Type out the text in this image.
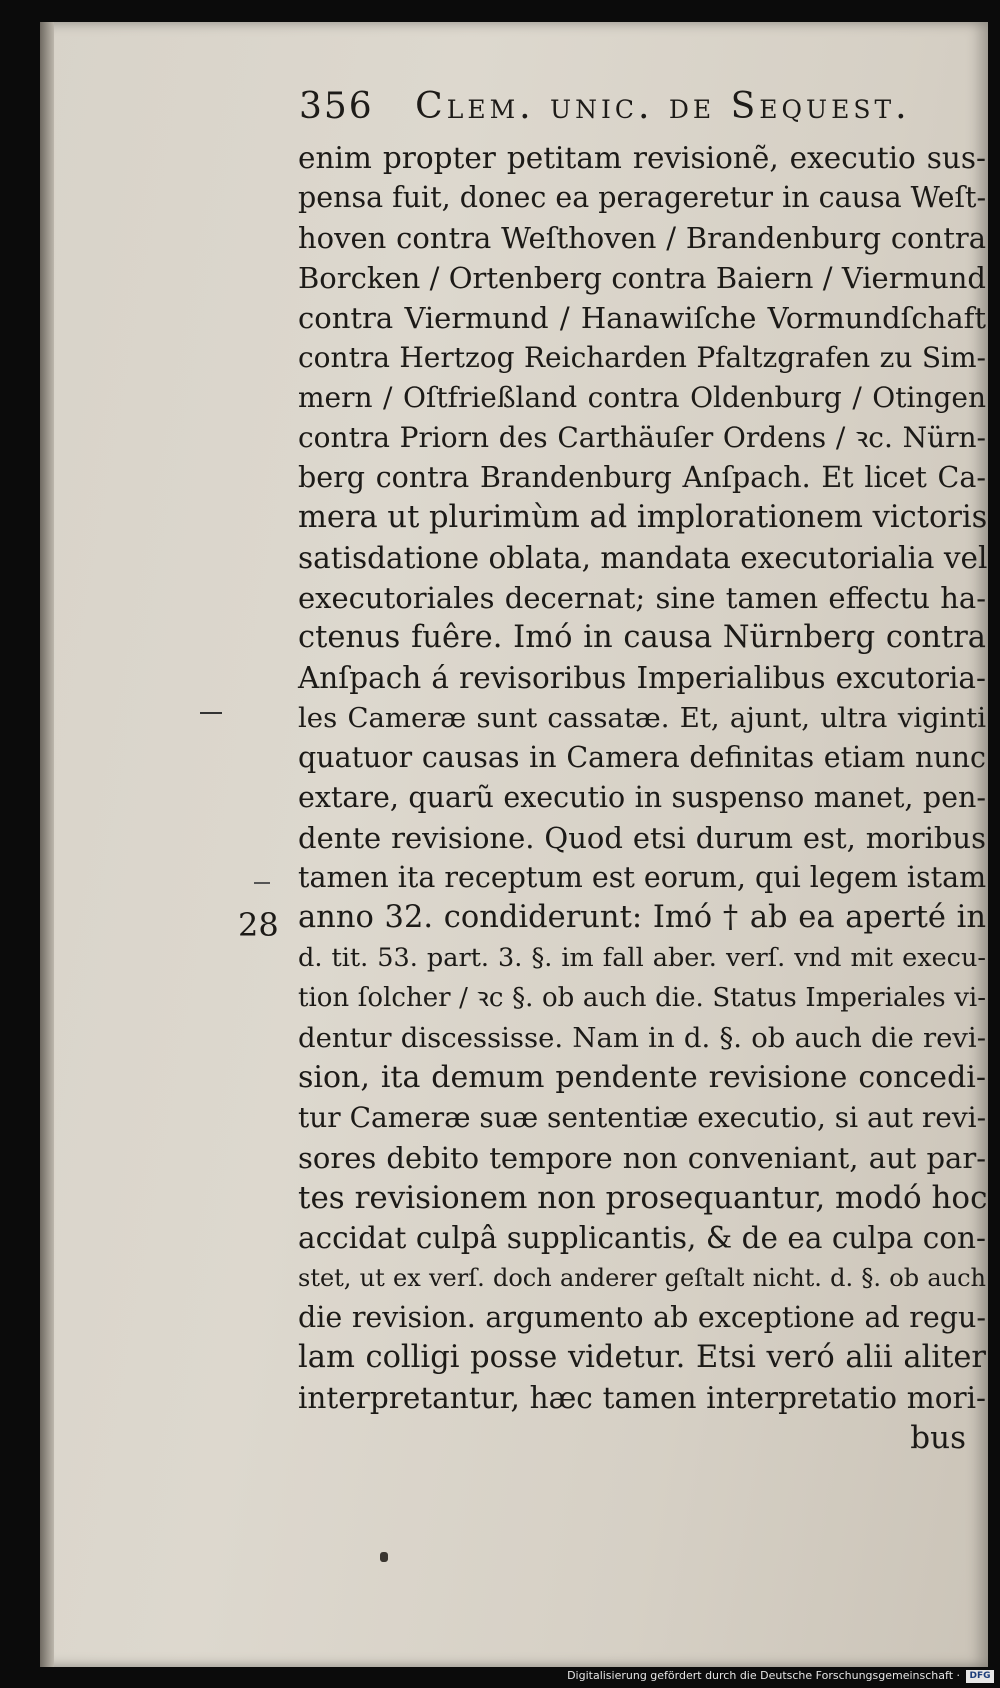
356 Clem. unic. de Sequest.
28
enim propter petitam revisionẽ, executio sus-
pensa fuit, donec ea perageretur in causa Weſt-
hoven contra Weſthoven / Brandenburg contra
Borcken / Ortenberg contra Baiern / Viermund
contra Viermund / Hanawiſche Vormundſchaft
contra Hertzog Reicharden Pfaltzgrafen zu Sim-
mern / Oſtfrießland contra Oldenburg / Otingen
contra Priorn des Carthäuſer Ordens / ꝛc. Nürn-
berg contra Brandenburg Anſpach. Et licet Ca-
mera ut plurimùm ad implorationem victoris
satisdatione oblata, mandata executorialia vel
executoriales decernat; sine tamen effectu ha-
ctenus fuêre. Imó in causa Nürnberg contra
Anſpach á revisoribus Imperialibus excutoria-
les Cameræ sunt cassatæ. Et, ajunt, ultra viginti
quatuor causas in Camera definitas etiam nunc
extare, quarũ executio in suspenso manet, pen-
dente revisione. Quod etsi durum est, moribus
tamen ita receptum est eorum, qui legem istam
anno 32. condiderunt: Imó † ab ea aperté in
d. tit. 53. part. 3. §. im fall aber. verſ. vnd mit execu-
tion ſolcher / ꝛc §. ob auch die. Status Imperiales vi-
dentur discessisse. Nam in d. §. ob auch die revi-
sion, ita demum pendente revisione concedi-
tur Cameræ suæ sententiæ executio, si aut revi-
sores debito tempore non conveniant, aut par-
tes revisionem non prosequantur, modó hoc
accidat culpâ supplicantis, & de ea culpa con-
stet, ut ex verſ. doch anderer geſtalt nicht. d. §. ob auch
die revision. argumento ab exceptione ad regu-
lam colligi posse videtur. Etsi veró alii aliter
interpretantur, hæc tamen interpretatio mori-
bus
Digitalisierung gefördert durch die Deutsche Forschungsgemeinschaft ·	DFG
